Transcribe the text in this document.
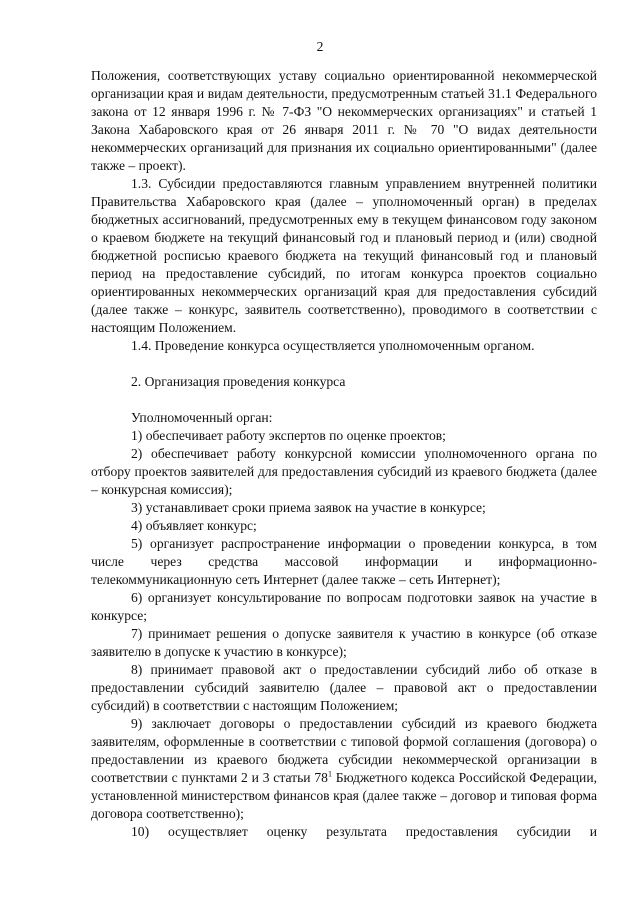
2

Положения, соответствующих уставу социально ориентированной некоммерческой организации края и видам деятельности, предусмотренным статьей 31.1 Федерального закона от 12 января 1996 г. № 7-ФЗ "О некоммерческих организациях" и статьей 1 Закона Хабаровского края от 26 января 2011 г. № 70 "О видах деятельности некоммерческих организаций для признания их социально ориентированными" (далее также – проект).

1.3. Субсидии предоставляются главным управлением внутренней политики Правительства Хабаровского края (далее – уполномоченный орган) в пределах бюджетных ассигнований, предусмотренных ему в текущем финансовом году законом о краевом бюджете на текущий финансовый год и плановый период и (или) сводной бюджетной росписью краевого бюджета на текущий финансовый год и плановый период на предоставление субсидий, по итогам конкурса проектов социально ориентированных некоммерческих организаций края для предоставления субсидий (далее также – конкурс, заявитель соответственно), проводимого в соответствии с настоящим Положением.

1.4. Проведение конкурса осуществляется уполномоченным органом.

2. Организация проведения конкурса

Уполномоченный орган:

1) обеспечивает работу экспертов по оценке проектов;

2) обеспечивает работу конкурсной комиссии уполномоченного органа по отбору проектов заявителей для предоставления субсидий из краевого бюджета (далее – конкурсная комиссия);

3) устанавливает сроки приема заявок на участие в конкурсе;

4) объявляет конкурс;

5) организует распространение информации о проведении конкурса, в том числе через средства массовой информации и информационно-телекоммуникационную сеть Интернет (далее также – сеть Интернет);

6) организует консультирование по вопросам подготовки заявок на участие в конкурсе;

7) принимает решения о допуске заявителя к участию в конкурсе (об отказе заявителю в допуске к участию в конкурсе);

8) принимает правовой акт о предоставлении субсидий либо об отказе в предоставлении субсидий заявителю (далее – правовой акт о предоставлении субсидий) в соответствии с настоящим Положением;

9) заключает договоры о предоставлении субсидий из краевого бюджета заявителям, оформленные в соответствии с типовой формой соглашения (договора) о предоставлении из краевого бюджета субсидии некоммерческой организации в соответствии с пунктами 2 и 3 статьи $78^1$ Бюджетного кодекса Российской Федерации, установленной министерством финансов края (далее также – договор и типовая форма договора соответственно);

10) осуществляет оценку результата предоставления субсидии и
